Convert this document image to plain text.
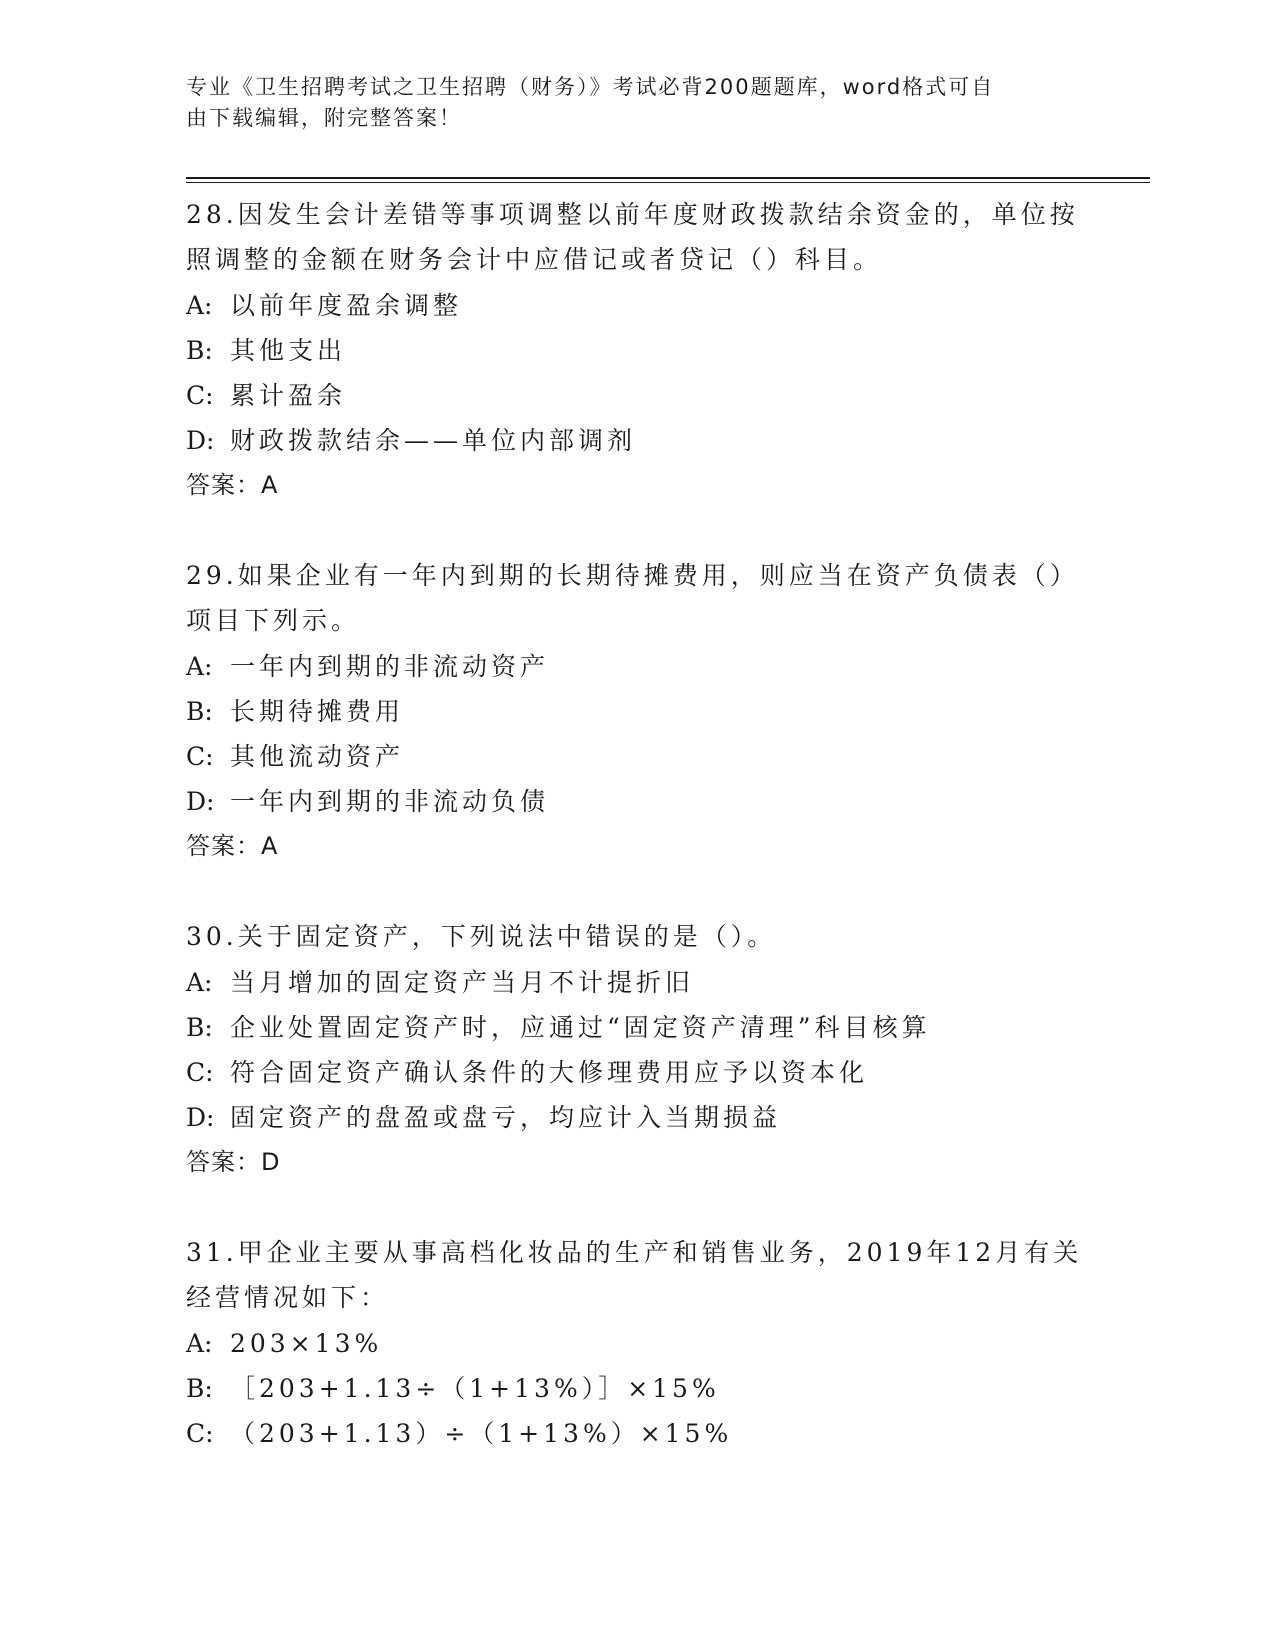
专业《卫生招聘考试之卫生招聘（财务）》考试必背200题题库，word格式可自
由下载编辑，附完整答案！
28.因发生会计差错等事项调整以前年度财政拨款结余资金的，单位按
照调整的金额在财务会计中应借记或者贷记（）科目。
A: 以前年度盈余调整
B: 其他支出
C: 累计盈余
D: 财政拨款结余——单位内部调剂
答案：A
29.如果企业有一年内到期的长期待摊费用，则应当在资产负债表（）
项目下列示。
A: 一年内到期的非流动资产
B: 长期待摊费用
C: 其他流动资产
D: 一年内到期的非流动负债
答案：A
30.关于固定资产，下列说法中错误的是（）。
A: 当月增加的固定资产当月不计提折旧
B: 企业处置固定资产时，应通过“固定资产清理”科目核算
C: 符合固定资产确认条件的大修理费用应予以资本化
D: 固定资产的盘盈或盘亏，均应计入当期损益
答案：D
31.甲企业主要从事高档化妆品的生产和销售业务，2019年12月有关
经营情况如下：
A: 203×13%
B: ［203+1.13÷（1+13%）］×15%
C: （203+1.13）÷（1+13%）×15%
